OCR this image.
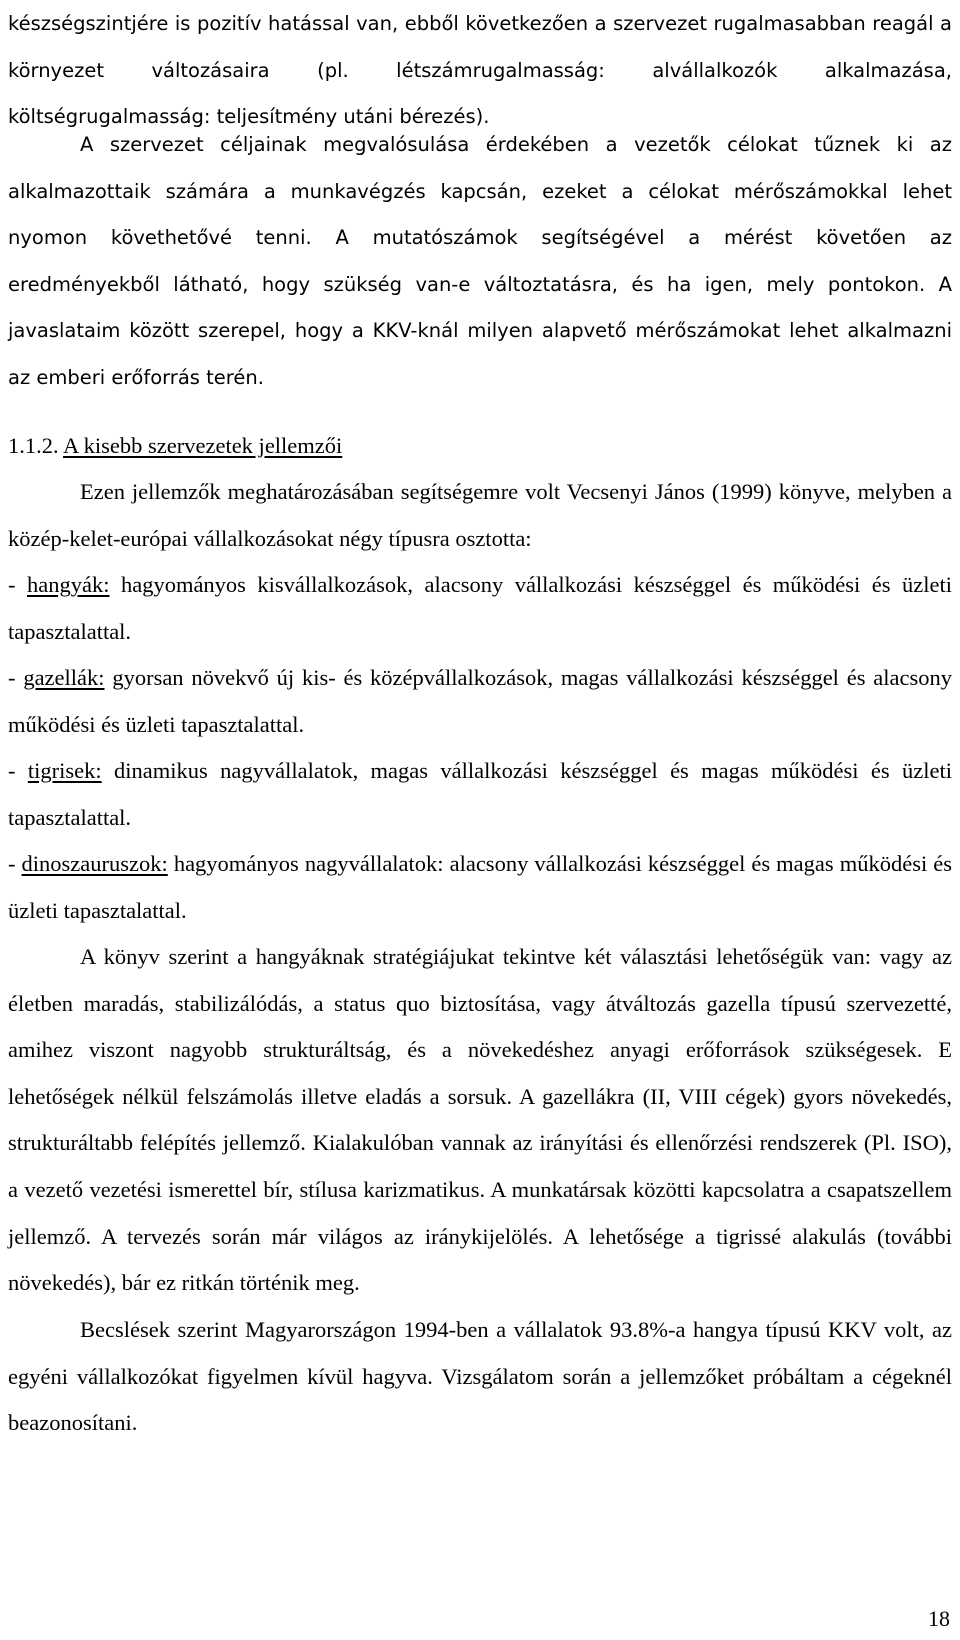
készségszintjére is pozitív hatással van, ebből következően a szervezet rugalmasabban reagál a környezet változásaira (pl. létszámrugalmasság: alvállalkozók alkalmazása, költségrugalmasság: teljesítmény utáni bérezés).

A szervezet céljainak megvalósulása érdekében a vezetők célokat tűznek ki az alkalmazottaik számára a munkavégzés kapcsán, ezeket a célokat mérőszámokkal lehet nyomon követhetővé tenni. A mutatószámok segítségével a mérést követően az eredményekből látható, hogy szükség van-e változtatásra, és ha igen, mely pontokon. A javaslataim között szerepel, hogy a KKV-knál milyen alapvető mérőszámokat lehet alkalmazni az emberi erőforrás terén.

1.1.2. A kisebb szervezetek jellemzői

Ezen jellemzők meghatározásában segítségemre volt Vecsenyi János (1999) könyve, melyben a közép-kelet-európai vállalkozásokat négy típusra osztotta:

- hangyák: hagyományos kisvállalkozások, alacsony vállalkozási készséggel és működési és üzleti tapasztalattal.
- gazellák: gyorsan növekvő új kis- és középvállalkozások, magas vállalkozási készséggel és alacsony működési és üzleti tapasztalattal.
- tigrisek: dinamikus nagyvállalatok, magas vállalkozási készséggel és magas működési és üzleti tapasztalattal.
- dinoszauruszok: hagyományos nagyvállalatok: alacsony vállalkozási készséggel és magas működési és üzleti tapasztalattal.

A könyv szerint a hangyáknak stratégiájukat tekintve két választási lehetőségük van: vagy az életben maradás, stabilizálódás, a status quo biztosítása, vagy átváltozás gazella típusú szervezetté, amihez viszont nagyobb strukturáltság, és a növekedéshez anyagi erőforrások szükségesek. E lehetőségek nélkül felszámolás illetve eladás a sorsuk. A gazellákra (II, VIII cégek) gyors növekedés, strukturáltabb felépítés jellemző. Kialakulóban vannak az irányítási és ellenőrzési rendszerek (Pl. ISO), a vezető vezetési ismerettel bír, stílusa karizmatikus. A munkatársak közötti kapcsolatra a csapatszellem jellemző. A tervezés során már világos az iránykijelölés. A lehetősége a tigrissé alakulás (további növekedés), bár ez ritkán történik meg.

Becslések szerint Magyarországon 1994-ben a vállalatok 93.8%-a hangya típusú KKV volt, az egyéni vállalkozókat figyelmen kívül hagyva. Vizsgálatom során a jellemzőket próbáltam a cégeknél beazonosítani.

18
